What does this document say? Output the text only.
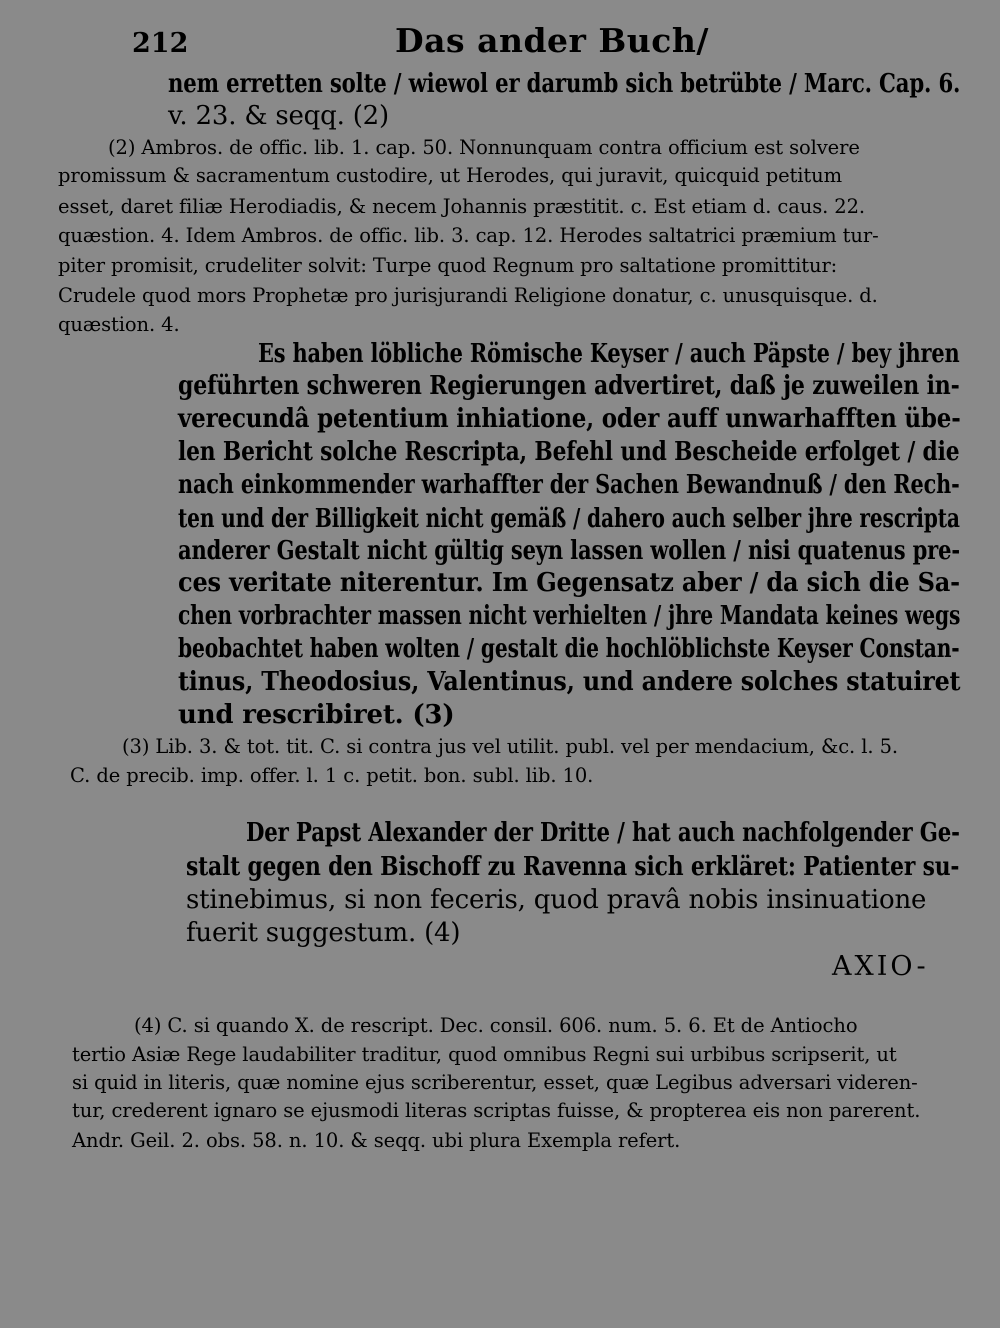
212	Das ander Buch/
nem erretten solte / wiewol er darumb sich betrübte / Marc. Cap. 6.
v. 23. & seqq. (2)
(2) Ambros. de offic. lib. 1. cap. 50. Nonnunquam contra officium est solvere
promissum & sacramentum custodire, ut Herodes, qui juravit, quicquid petitum
esset, daret filiæ Herodiadis, & necem Johannis præstitit. c. Est etiam d. caus. 22.
quæstion. 4. Idem Ambros. de offic. lib. 3. cap. 12. Herodes saltatrici præmium tur-
piter promisit, crudeliter solvit: Turpe quod Regnum pro saltatione promittitur:
Crudele quod mors Prophetæ pro jurisjurandi Religione donatur, c. unusquisque. d.
quæstion. 4.
Es haben löbliche Römische Keyser / auch Päpste / bey jhren
geführten schweren Regierungen advertiret, daß je zuweilen in-
verecundâ petentium inhiatione, oder auff unwarhafften übe-
len Bericht solche Rescripta, Befehl und Bescheide erfolget / die
nach einkommender warhaffter der Sachen Bewandnuß / den Rech-
ten und der Billigkeit nicht gemäß / dahero auch selber jhre rescripta
anderer Gestalt nicht gültig seyn lassen wollen / nisi quatenus pre-
ces veritate niterentur. Im Gegensatz aber / da sich die Sa-
chen vorbrachter massen nicht verhielten / jhre Mandata keines wegs
beobachtet haben wolten / gestalt die hochlöblichste Keyser Constan-
tinus, Theodosius, Valentinus, und andere solches statuiret
und rescribiret. (3)
(3) Lib. 3. & tot. tit. C. si contra jus vel utilit. publ. vel per mendacium, &c. l. 5.
C. de precib. imp. offer. l. 1 c. petit. bon. subl. lib. 10.
Der Papst Alexander der Dritte / hat auch nachfolgender Ge-
stalt gegen den Bischoff zu Ravenna sich erkläret: Patienter su-
stinebimus, si non feceris, quod pravâ nobis insinuatione
fuerit suggestum. (4)
AXIO-
(4) C. si quando X. de rescript. Dec. consil. 606. num. 5. 6. Et de Antiocho
tertio Asiæ Rege laudabiliter traditur, quod omnibus Regni sui urbibus scripserit, ut
si quid in literis, quæ nomine ejus scriberentur, esset, quæ Legibus adversari videren-
tur, crederent ignaro se ejusmodi literas scriptas fuisse, & propterea eis non parerent.
Andr. Geil. 2. obs. 58. n. 10. & seqq. ubi plura Exempla refert.
